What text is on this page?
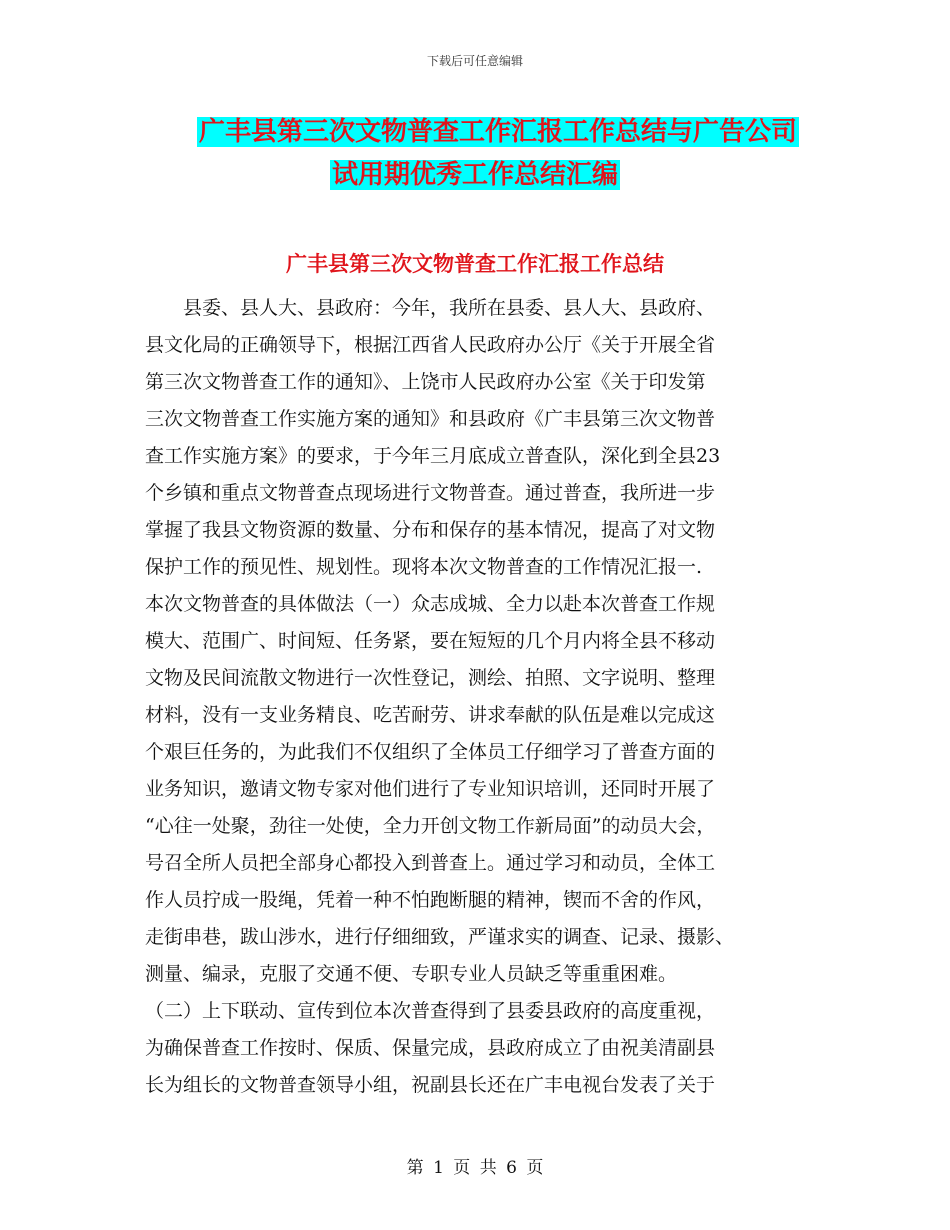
下载后可任意编辑
广丰县第三次文物普查工作汇报工作总结与广告公司
试用期优秀工作总结汇编
广丰县第三次文物普查工作汇报工作总结
县委、县人大、县政府：今年，我所在县委、县人大、县政府、
县文化局的正确领导下，根据江西省人民政府办公厅《关于开展全省
第三次文物普查工作的通知》、上饶市人民政府办公室《关于印发第
三次文物普查工作实施方案的通知》和县政府《广丰县第三次文物普
查工作实施方案》的要求，于今年三月底成立普查队，深化到全县23
个乡镇和重点文物普查点现场进行文物普查。通过普查，我所进一步
掌握了我县文物资源的数量、分布和保存的基本情况，提高了对文物
保护工作的预见性、规划性。现将本次文物普查的工作情况汇报一.
本次文物普查的具体做法（一）众志成城、全力以赴本次普查工作规
模大、范围广、时间短、任务紧，要在短短的几个月内将全县不移动
文物及民间流散文物进行一次性登记，测绘、拍照、文字说明、整理
材料，没有一支业务精良、吃苦耐劳、讲求奉献的队伍是难以完成这
个艰巨任务的，为此我们不仅组织了全体员工仔细学习了普查方面的
业务知识，邀请文物专家对他们进行了专业知识培训，还同时开展了
“心往一处聚，劲往一处使，全力开创文物工作新局面”的动员大会，
号召全所人员把全部身心都投入到普查上。通过学习和动员，全体工
作人员拧成一股绳，凭着一种不怕跑断腿的精神，锲而不舍的作风，
走街串巷，跋山涉水，进行仔细细致，严谨求实的调查、记录、摄影、
测量、编录，克服了交通不便、专职专业人员缺乏等重重困难。
（二）上下联动、宣传到位本次普查得到了县委县政府的高度重视，
为确保普查工作按时、保质、保量完成，县政府成立了由祝美清副县
长为组长的文物普查领导小组，祝副县长还在广丰电视台发表了关于
第 1 页 共 6 页
